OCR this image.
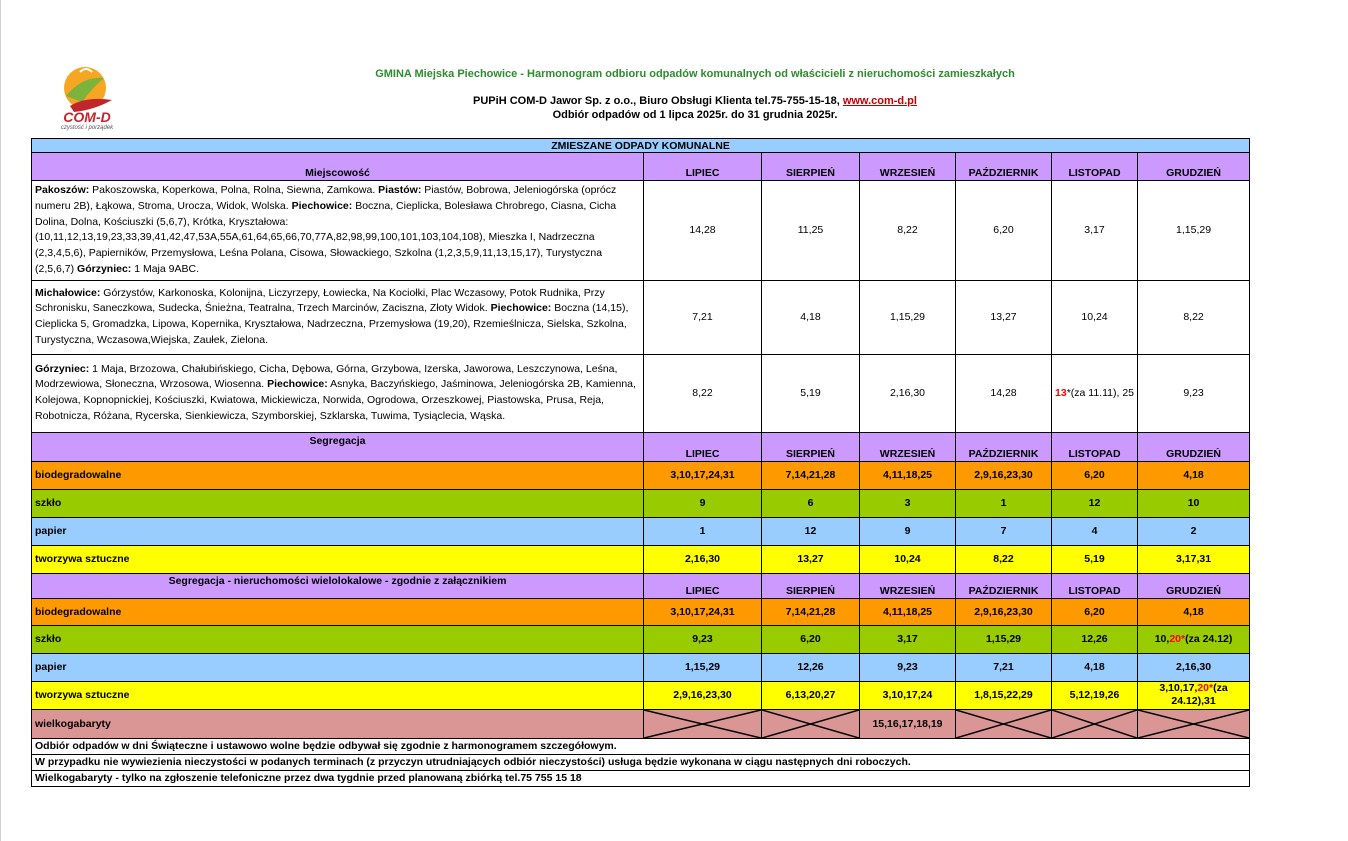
COM-D
czystość i porządek
GMINA Miejska Piechowice - Harmonogram odbioru odpadów komunalnych od właścicieli z nieruchomości zamieszkałych
PUPiH COM-D Jawor Sp. z o.o., Biuro Obsługi Klienta tel.75-755-15-18, www.com-d.pl
Odbiór odpadów od 1 lipca 2025r. do 31 grudnia 2025r.
ZMIESZANE ODPADY KOMUNALNE						
Miejscowość	LIPIEC	SIERPIEŃ	WRZESIEŃ	PAŹDZIERNIK	LISTOPAD	GRUDZIEŃ
Pakoszów: Pakoszowska, Koperkowa, Polna, Rolna, Siewna, Zamkowa. Piastów: Piastów, Bobrowa, Jeleniogórska (oprócz numeru 2B), Łąkowa, Stroma, Urocza, Widok, Wolska. Piechowice: Boczna, Cieplicka, Bolesława Chrobrego, Ciasna, Cicha Dolina, Dolna, Kościuszki (5,6,7), Krótka, Kryształowa: (10,11,12,13,19,23,33,39,41,42,47,53A,55A,61,64,65,66,70,77A,82,98,99,100,101,103,104,108), Mieszka I, Nadrzeczna (2,3,4,5,6), Papierników, Przemysłowa, Leśna Polana, Cisowa, Słowackiego, Szkolna (1,2,3,5,9,11,13,15,17), Turystyczna (2,5,6,7) Górzyniec: 1 Maja 9ABC.	14,28	11,25	8,22	6,20	3,17	1,15,29
Michałowice: Górzystów, Karkonoska, Kolonijna, Liczyrzepy, Łowiecka, Na Kociołki, Plac Wczasowy, Potok Rudnika, Przy Schronisku, Saneczkowa, Sudecka, Śnieżna, Teatralna, Trzech Marcinów, Zaciszna, Złoty Widok. Piechowice: Boczna (14,15), Cieplicka 5, Gromadzka, Lipowa, Kopernika, Kryształowa, Nadrzeczna, Przemysłowa (19,20), Rzemieślnicza, Sielska, Szkolna, Turystyczna, Wczasowa,Wiejska, Zaułek, Zielona.	7,21	4,18	1,15,29	13,27	10,24	8,22
Górzyniec: 1 Maja, Brzozowa, Chałubińskiego, Cicha, Dębowa, Górna, Grzybowa, Izerska, Jaworowa, Leszczynowa, Leśna, Modrzewiowa, Słoneczna, Wrzosowa, Wiosenna. Piechowice: Asnyka, Baczyńskiego, Jaśminowa, Jeleniogórska 2B, Kamienna, Kolejowa, Kopnopnickiej, Kościuszki, Kwiatowa, Mickiewicza, Norwida, Ogrodowa, Orzeszkowej, Piastowska, Prusa, Reja, Robotnicza, Różana, Rycerska, Sienkiewicza, Szymborskiej, Szklarska, Tuwima, Tysiąclecia, Wąska.	8,22	5,19	2,16,30	14,28	13*(za 11.11), 25	9,23
Segregacja	LIPIEC	SIERPIEŃ	WRZESIEŃ	PAŹDZIERNIK	LISTOPAD	GRUDZIEŃ
biodegradowalne	3,10,17,24,31	7,14,21,28	4,11,18,25	2,9,16,23,30	6,20	4,18
szkło	9	6	3	1	12	10
papier	1	12	9	7	4	2
tworzywa sztuczne	2,16,30	13,27	10,24	8,22	5,19	3,17,31
Segregacja - nieruchomości wielolokalowe - zgodnie z załącznikiem	LIPIEC	SIERPIEŃ	WRZESIEŃ	PAŹDZIERNIK	LISTOPAD	GRUDZIEŃ
biodegradowalne	3,10,17,24,31	7,14,21,28	4,11,18,25	2,9,16,23,30	6,20	4,18
szkło	9,23	6,20	3,17	1,15,29	12,26	10,20*(za 24.12)
papier	1,15,29	12,26	9,23	7,21	4,18	2,16,30
tworzywa sztuczne	2,9,16,23,30	6,13,20,27	3,10,17,24	1,8,15,22,29	5,12,19,26	3,10,17,20*(za 24.12),31
wielkogabaryty			15,16,17,18,19	

Odbiór odpadów w dni Świąteczne i ustawowo wolne będzie odbywał się zgodnie z harmonogramem szczegółowym.						
W przypadku nie wywiezienia nieczystości w podanych terminach (z przyczyn utrudniających odbiór nieczystości) usługa będzie wykonana w ciągu następnych dni roboczych.						
Wielkogabaryty - tylko na zgłoszenie telefoniczne przez dwa tygdnie przed planowaną zbiórką tel.75 755 15 18						
